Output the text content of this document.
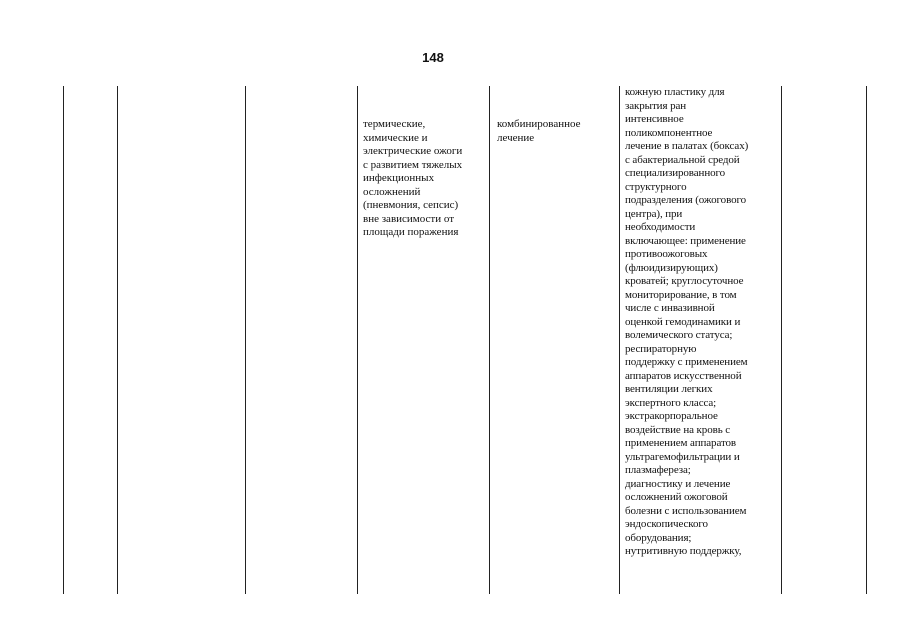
148

термические,
химические и
электрические ожоги
с развитием тяжелых
инфекционных
осложнений
(пневмония, сепсис)
вне зависимости от
площади поражения

комбинированное
лечение

кожную пластику для
закрытия ран
интенсивное
поликомпонентное
лечение в палатах (боксах)
с абактериальной средой
специализированного
структурного
подразделения (ожогового
центра), при
необходимости
включающее: применение
противоожоговых
(флюидизирующих)
кроватей; круглосуточное
мониторирование, в том
числе с инвазивной
оценкой гемодинамики и
волемического статуса;
респираторную
поддержку с применением
аппаратов искусственной
вентиляции легких
экспертного класса;
экстракорпоральное
воздействие на кровь с
применением аппаратов
ультрагемофильтрации и
плазмафереза;
диагностику и лечение
осложнений ожоговой
болезни с использованием
эндоскопического
оборудования;
нутритивную поддержку,
